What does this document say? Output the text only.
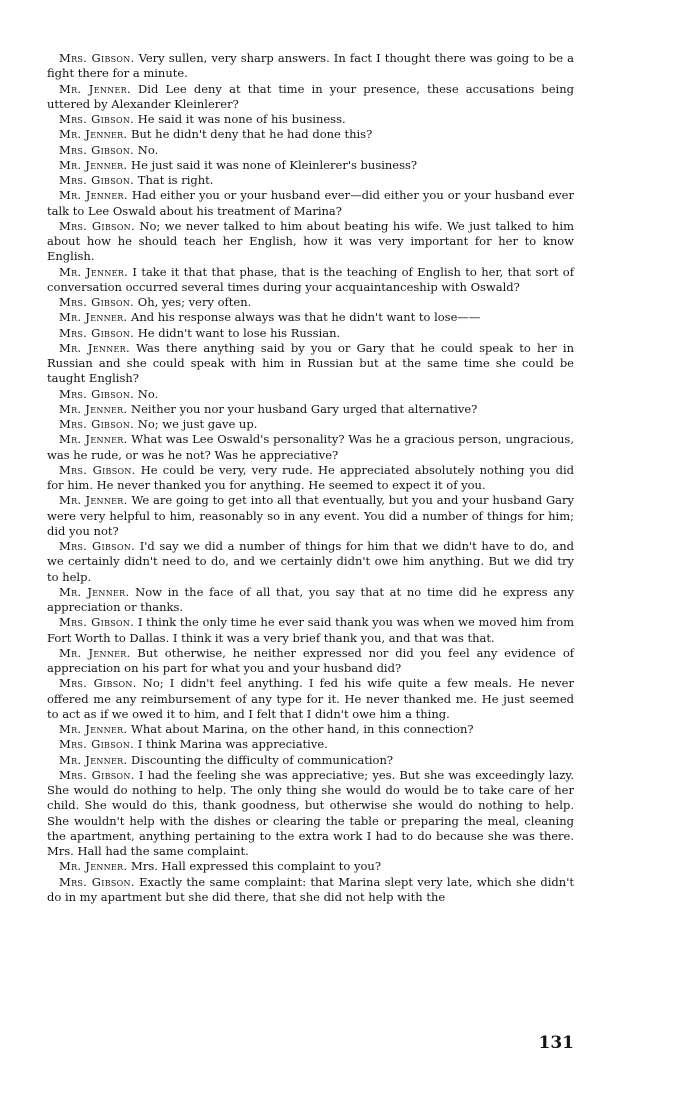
Mrs. Gibson. Very sullen, very sharp answers. In fact I thought there was going to be a fight there for a minute.

Mr. Jenner. Did Lee deny at that time in your presence, these accusations being uttered by Alexander Kleinlerer?

Mrs. Gibson. He said it was none of his business.

Mr. Jenner. But he didn't deny that he had done this?

Mrs. Gibson. No.

Mr. Jenner. He just said it was none of Kleinlerer's business?

Mrs. Gibson. That is right.

Mr. Jenner. Had either you or your husband ever—did either you or your husband ever talk to Lee Oswald about his treatment of Marina?

Mrs. Gibson. No; we never talked to him about beating his wife. We just talked to him about how he should teach her English, how it was very important for her to know English.

Mr. Jenner. I take it that that phase, that is the teaching of English to her, that sort of conversation occurred several times during your acquaintanceship with Oswald?

Mrs. Gibson. Oh, yes; very often.

Mr. Jenner. And his response always was that he didn't want to lose——

Mrs. Gibson. He didn't want to lose his Russian.

Mr. Jenner. Was there anything said by you or Gary that he could speak to her in Russian and she could speak with him in Russian but at the same time she could be taught English?

Mrs. Gibson. No.

Mr. Jenner. Neither you nor your husband Gary urged that alternative?

Mrs. Gibson. No; we just gave up.

Mr. Jenner. What was Lee Oswald's personality? Was he a gracious person, ungracious, was he rude, or was he not? Was he appreciative?

Mrs. Gibson. He could be very, very rude. He appreciated absolutely nothing you did for him. He never thanked you for anything. He seemed to expect it of you.

Mr. Jenner. We are going to get into all that eventually, but you and your husband Gary were very helpful to him, reasonably so in any event. You did a number of things for him; did you not?

Mrs. Gibson. I'd say we did a number of things for him that we didn't have to do, and we certainly didn't need to do, and we certainly didn't owe him anything. But we did try to help.

Mr. Jenner. Now in the face of all that, you say that at no time did he express any appreciation or thanks.

Mrs. Gibson. I think the only time he ever said thank you was when we moved him from Fort Worth to Dallas. I think it was a very brief thank you, and that was that.

Mr. Jenner. But otherwise, he neither expressed nor did you feel any evidence of appreciation on his part for what you and your husband did?

Mrs. Gibson. No; I didn't feel anything. I fed his wife quite a few meals. He never offered me any reimbursement of any type for it. He never thanked me. He just seemed to act as if we owed it to him, and I felt that I didn't owe him a thing.

Mr. Jenner. What about Marina, on the other hand, in this connection?

Mrs. Gibson. I think Marina was appreciative.

Mr. Jenner. Discounting the difficulty of communication?

Mrs. Gibson. I had the feeling she was appreciative; yes. But she was exceedingly lazy. She would do nothing to help. The only thing she would do would be to take care of her child. She would do this, thank goodness, but otherwise she would do nothing to help. She wouldn't help with the dishes or clearing the table or preparing the meal, cleaning the apartment, anything pertaining to the extra work I had to do because she was there. Mrs. Hall had the same complaint.

Mr. Jenner. Mrs. Hall expressed this complaint to you?

Mrs. Gibson. Exactly the same complaint: that Marina slept very late, which she didn't do in my apartment but she did there, that she did not help with the

131
